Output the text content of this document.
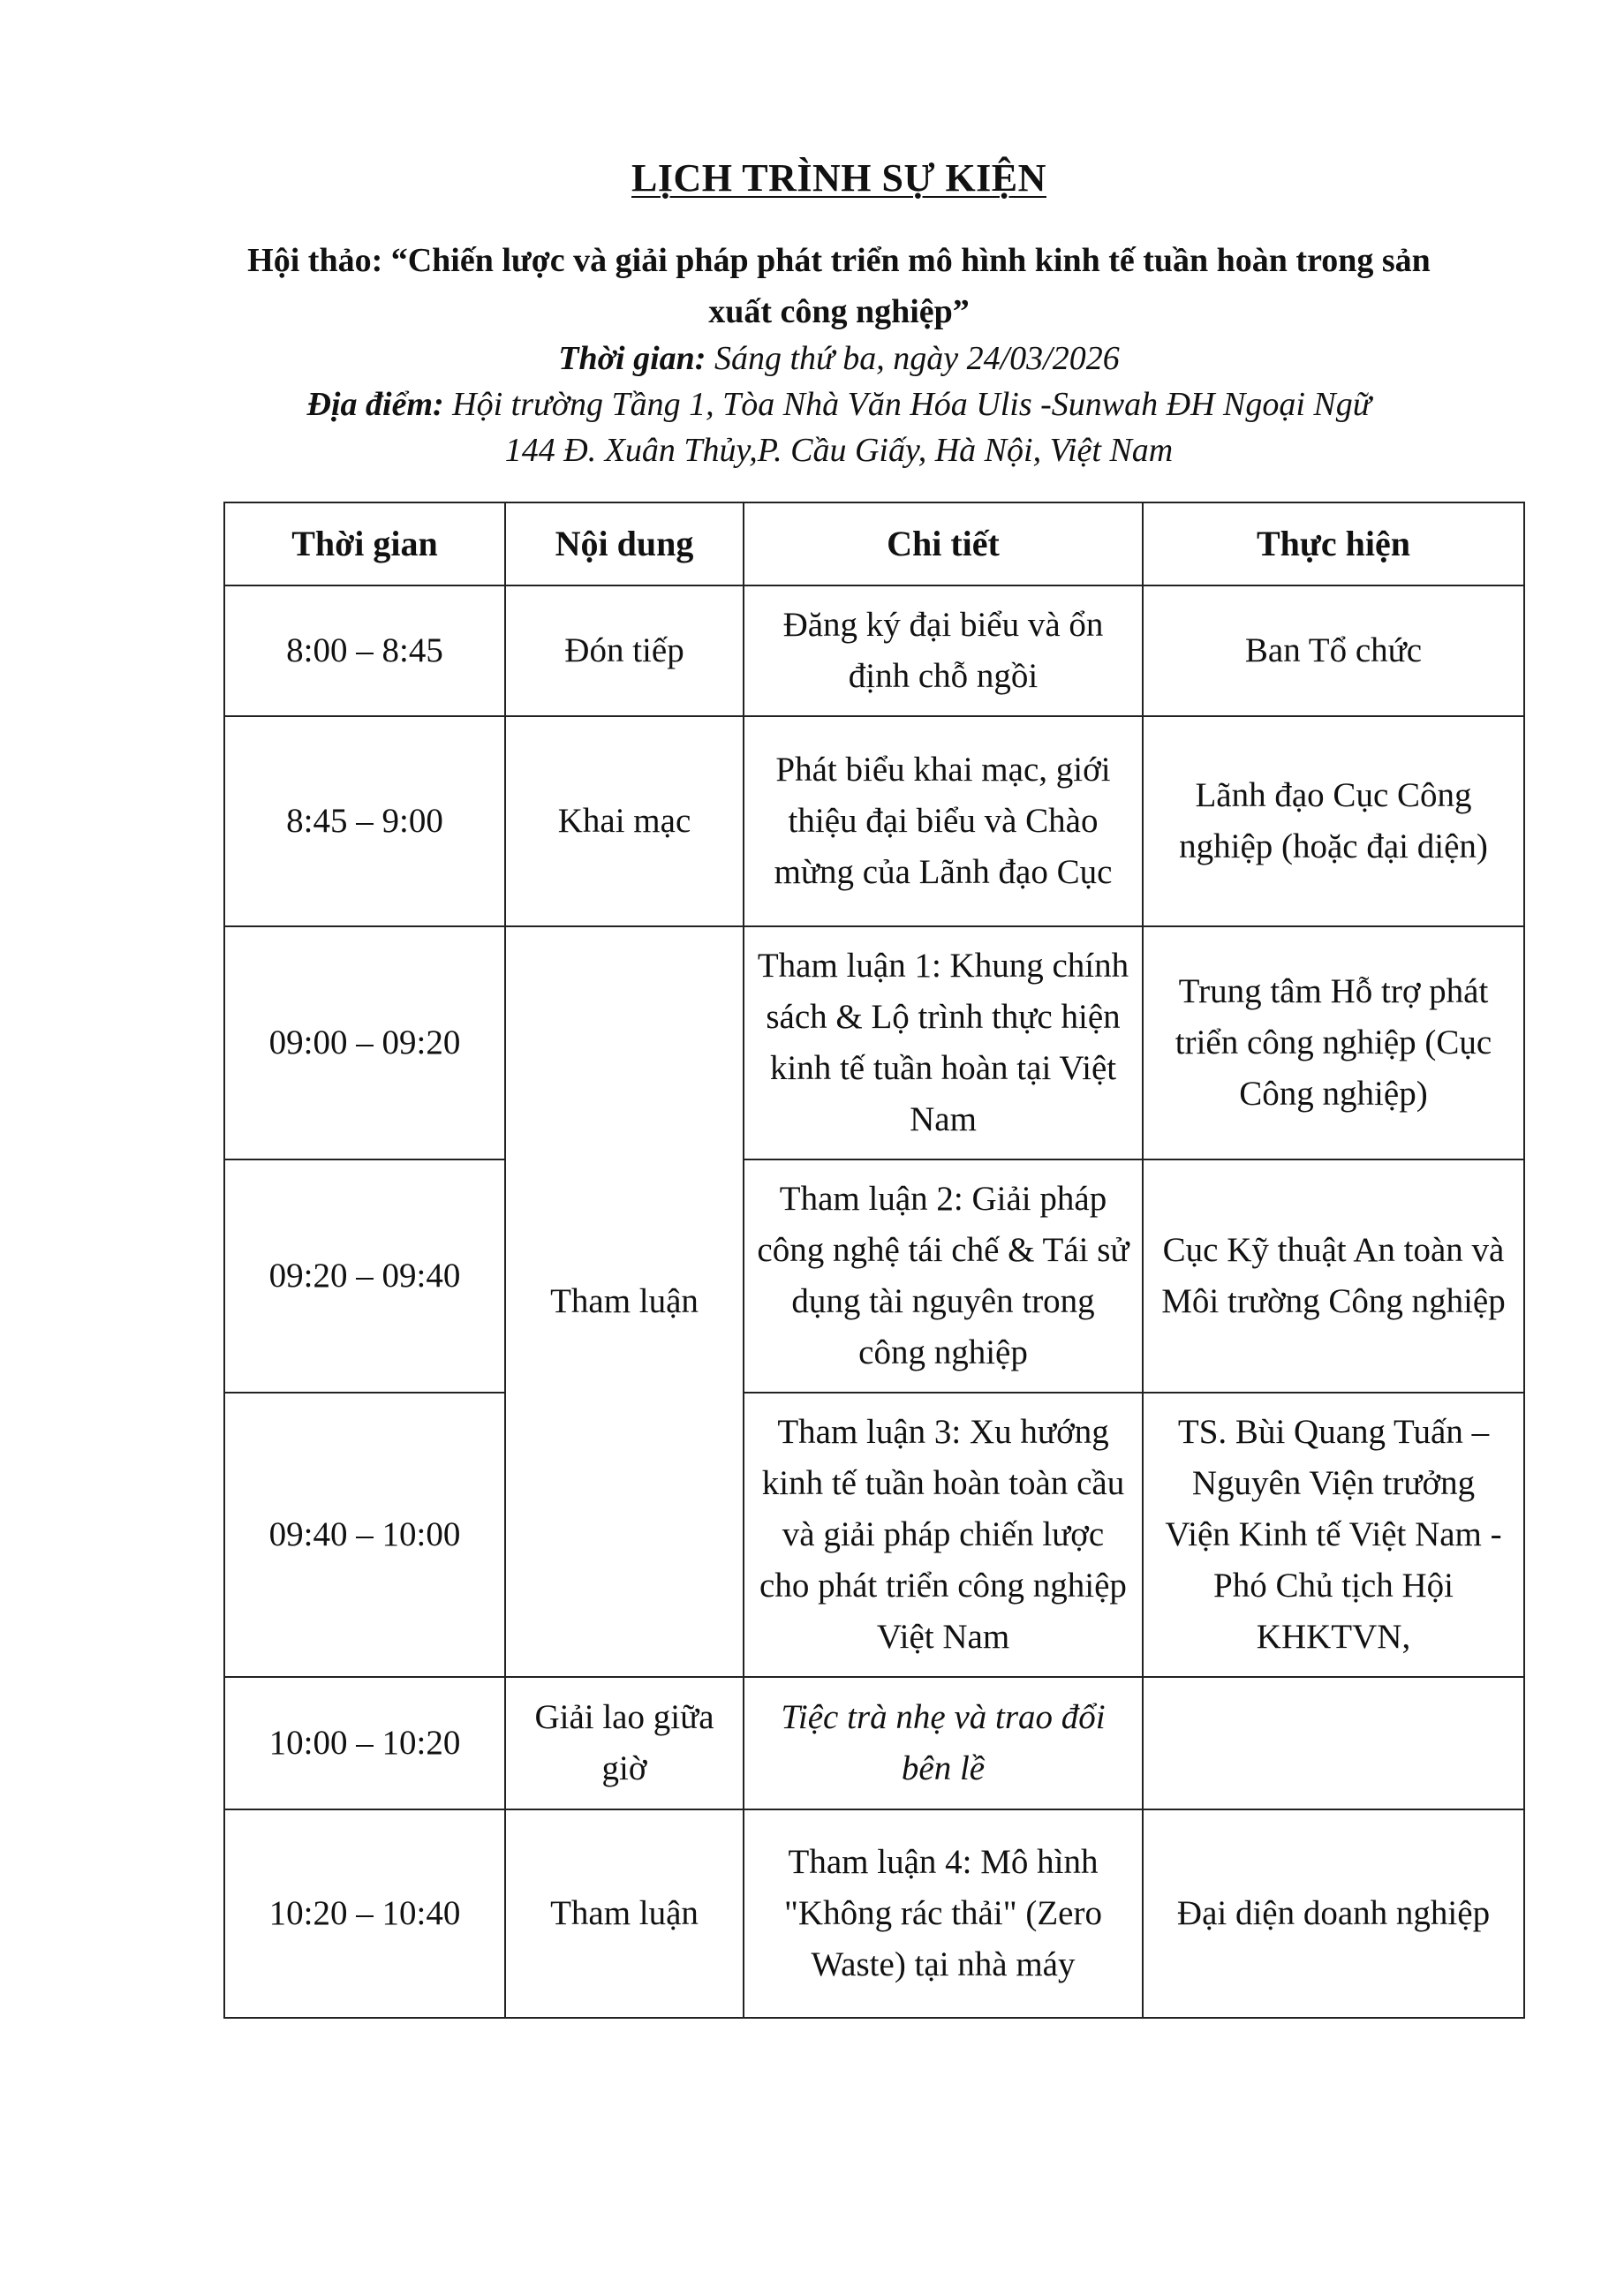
LỊCH TRÌNH SỰ KIỆN
Hội thảo: “Chiến lược và giải pháp phát triển mô hình kinh tế tuần hoàn trong sản xuất công nghiệp”
Thời gian: Sáng thứ ba, ngày 24/03/2026
Địa điểm: Hội trường Tầng 1, Tòa Nhà Văn Hóa Ulis -Sunwah ĐH Ngoại Ngữ
144 Đ. Xuân Thủy,P. Cầu Giấy, Hà Nội, Việt Nam
Thời gian	Nội dung	Chi tiết	Thực hiện
8:00 – 8:45	Đón tiếp	Đăng ký đại biểu và ổn định chỗ ngồi	Ban Tổ chức
8:45 – 9:00	Khai mạc	Phát biểu khai mạc, giới thiệu đại biểu và Chào mừng của Lãnh đạo Cục	Lãnh đạo Cục Công nghiệp (hoặc đại diện)
09:00 – 09:20	Tham luận	Tham luận 1: Khung chính sách & Lộ trình thực hiện kinh tế tuần hoàn tại Việt Nam	Trung tâm Hỗ trợ phát triển công nghiệp (Cục Công nghiệp)
09:20 – 09:40		Tham luận 2: Giải pháp công nghệ tái chế & Tái sử dụng tài nguyên trong công nghiệp	Cục Kỹ thuật An toàn và Môi trường Công nghiệp
09:40 – 10:00		Tham luận 3: Xu hướng kinh tế tuần hoàn toàn cầu và giải pháp chiến lược cho phát triển công nghiệp Việt Nam	TS. Bùi Quang Tuấn – Nguyên Viện trưởng Viện Kinh tế Việt Nam - Phó Chủ tịch Hội KHKTVN,
10:00 – 10:20	Giải lao giữa giờ	Tiệc trà nhẹ và trao đổi bên lề	
10:20 – 10:40	Tham luận	Tham luận 4: Mô hình "Không rác thải" (Zero Waste) tại nhà máy	Đại diện doanh nghiệp
